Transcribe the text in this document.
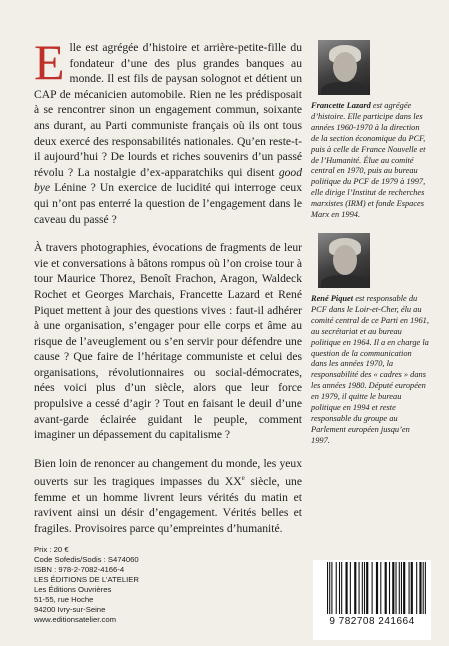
Elle est agrégée d’histoire et arrière-petite-fille du fondateur d’une des plus grandes banques au monde. Il est fils de paysan solognot et détient un CAP de mécanicien automobile. Rien ne les prédisposait à se rencontrer sinon un engagement commun, soixante ans durant, au Parti communiste français où ils ont tous deux exercé des responsabilités nationales. Qu’en reste-t-il aujourd’hui ? De lourds et riches souvenirs d’un passé révolu ? La nostalgie d’ex-apparatchiks qui disent good bye Lénine ? Un exercice de lucidité qui interroge ceux qui n’ont pas enterré la question de l’engagement dans le caveau du passé ?

À travers photographies, évocations de fragments de leur vie et conversations à bâtons rompus où l’on croise tour à tour Maurice Thorez, Benoît Frachon, Aragon, Waldeck Rochet et Georges Marchais, Francette Lazard et René Piquet mettent à jour des questions vives : faut-il adhérer à une organisation, s’engager pour elle corps et âme au risque de l’aveuglement ou s’en servir pour défendre une cause ? Que faire de l’héritage communiste et celui des organisations, révolutionnaires ou social-démocrates, nées voici plus d’un siècle, alors que leur force propulsive a cessé d’agir ? Tout en faisant le deuil d’une avant-garde éclairée guidant le peuple, comment imaginer un dépassement du capitalisme ?

Bien loin de renoncer au changement du monde, les yeux ouverts sur les tragiques impasses du XXe siècle, une femme et un homme livrent leurs vérités du matin et ravivent ainsi un désir d’engagement. Vérités belles et fragiles. Provisoires parce qu’empreintes d’humanité.

Francette Lazard est agrégée d’histoire. Elle participe dans les années 1960-1970 à la direction de la section économique du PCF, puis à celle de France Nouvelle et de l’Humanité. Élue au comité central en 1970, puis au bureau politique du PCF de 1979 à 1997, elle dirige l’Institut de recherches marxistes (IRM) et fonde Espaces Marx en 1994.
René Piquet est responsable du PCF dans le Loir-et-Cher, élu au comité central de ce Parti en 1961, au secrétariat et au bureau politique en 1964. Il a en charge la question de la communication dans les années 1970, la responsabilité des « cadres » dans les années 1980. Député européen en 1979, il quitte le bureau politique en 1994 et reste responsable du groupe au Parlement européen jusqu’en 1997.
Prix : 20 €
Code Sofedis/Sodis : S474060
ISBN : 978-2-7082-4166-4
LES ÉDITIONS DE L’ATELIER
Les Éditions Ouvrières
51-55, rue Hoche
94200 Ivry-sur-Seine
www.editionsatelier.com	9 782708 241664
